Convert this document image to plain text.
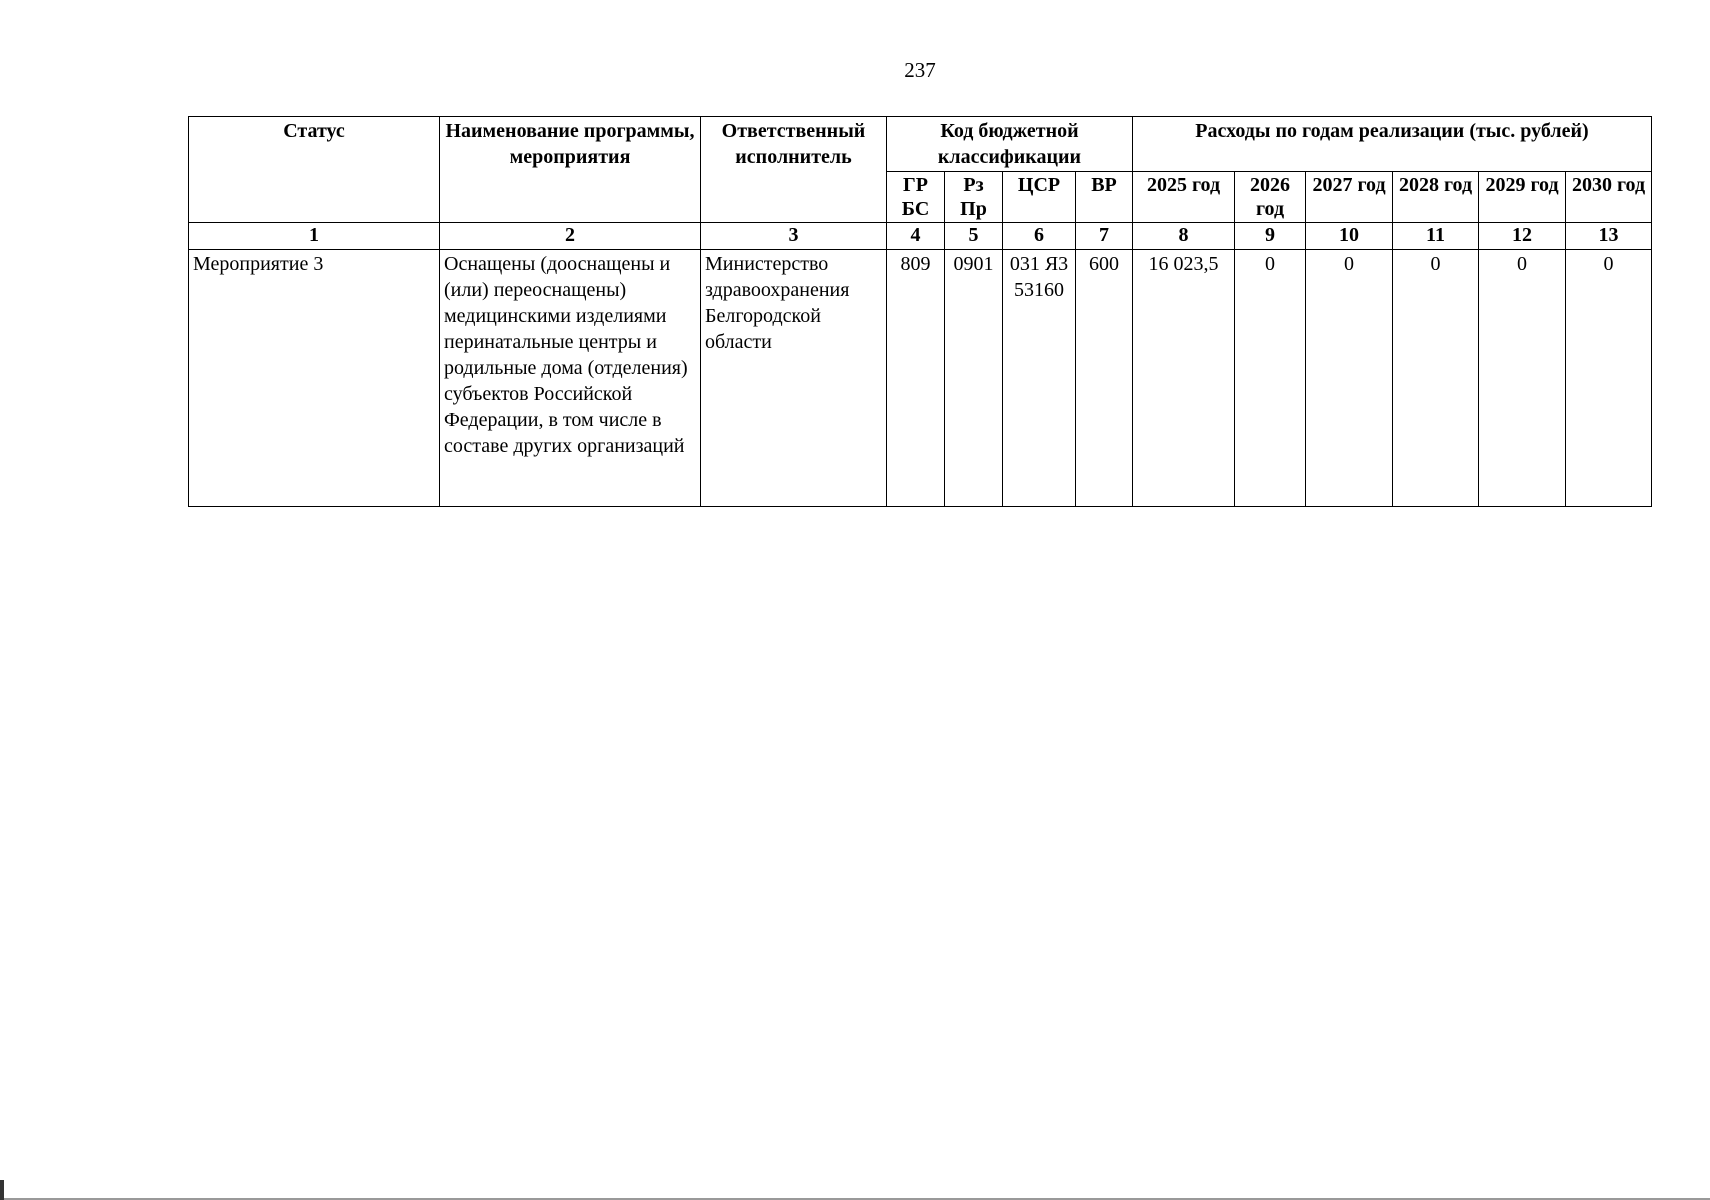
237
Статус	Наименование программы, мероприятия	Ответственный исполнитель	Код бюджетной классификации				Расходы по годам реализации (тыс. рублей)					
			ГР БС	Рз Пр	ЦСР	ВР	2025 год	2026 год	2027 год	2028 год	2029 год	2030 год
1	2	3	4	5	6	7	8	9	10	11	12	13
Мероприятие 3	Оснащены (дооснащены и (или) переоснащены) медицинскими изделиями перинатальные центры и родильные дома (отделения) субъектов Российской Федерации, в том числе в составе других организаций	Министерство здравоохранения Белгородской области	809	0901	031 Я3 53160	600	16 023,5	0	0	0	0	0
